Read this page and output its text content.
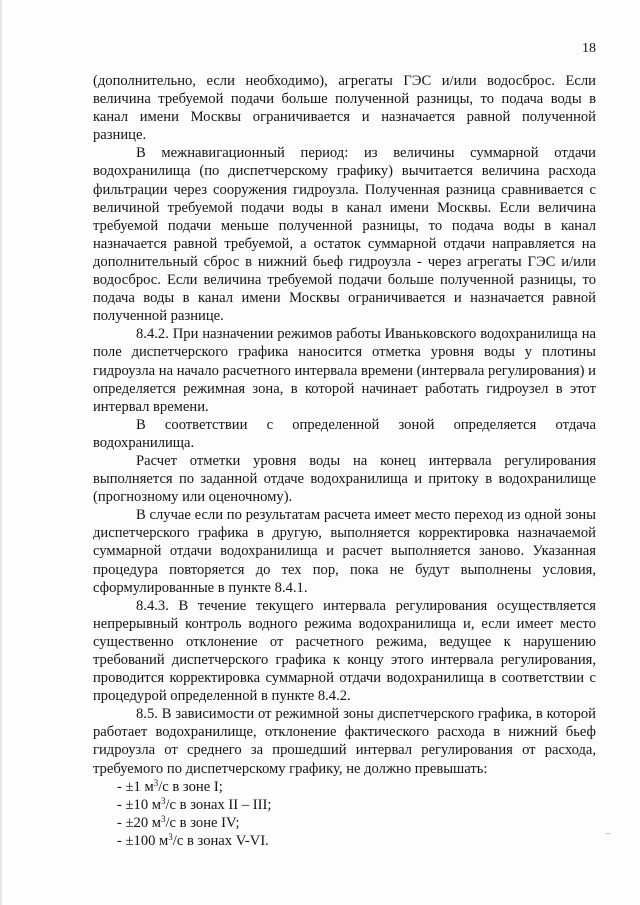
18

(дополнительно, если необходимо), агрегаты ГЭС и/или водосброс. Если величина требуемой подачи больше полученной разницы, то подача воды в канал имени Москвы ограничивается и назначается равной полученной разнице.

В межнавигационный период: из величины суммарной отдачи водохранилища (по диспетчерскому графику) вычитается величина расхода фильтрации через сооружения гидроузла. Полученная разница сравнивается с величиной требуемой подачи воды в канал имени Москвы. Если величина требуемой подачи меньше полученной разницы, то подача воды в канал назначается равной требуемой, а остаток суммарной отдачи направляется на дополнительный сброс в нижний бьеф гидроузла - через агрегаты ГЭС и/или водосброс. Если величина требуемой подачи больше полученной разницы, то подача воды в канал имени Москвы ограничивается и назначается равной полученной разнице.

8.4.2. При назначении режимов работы Иваньковского водохранилища на поле диспетчерского графика наносится отметка уровня воды у плотины гидроузла на начало расчетного интервала времени (интервала регулирования) и определяется режимная зона, в которой начинает работать гидроузел в этот интервал времени.

В соответствии с определенной зоной определяется отдача водохранилища.

Расчет отметки уровня воды на конец интервала регулирования выполняется по заданной отдаче водохранилища и притоку в водохранилище (прогнозному или оценочному).

В случае если по результатам расчета имеет место переход из одной зоны диспетчерского графика в другую, выполняется корректировка назначаемой суммарной отдачи водохранилища и расчет выполняется заново. Указанная процедура повторяется до тех пор, пока не будут выполнены условия, сформулированные в пункте 8.4.1.

8.4.3. В течение текущего интервала регулирования осуществляется непрерывный контроль водного режима водохранилища и, если имеет место существенно отклонение от расчетного режима, ведущее к нарушению требований диспетчерского графика к концу этого интервала регулирования, проводится корректировка суммарной отдачи водохранилища в соответствии с процедурой определенной в пункте 8.4.2.

8.5. В зависимости от режимной зоны диспетчерского графика, в которой работает водохранилище, отклонение фактического расхода в нижний бьеф гидроузла от среднего за прошедший интервал регулирования от расхода, требуемого по диспетчерскому графику, не должно превышать:

- ±1 $м^3/с$ в зоне I;
- ±10 $м^3/с$ в зонах II – III;
- ±20 $м^3/с$ в зоне IV;
- ±100 $м^3/с$ в зонах V-VI.
